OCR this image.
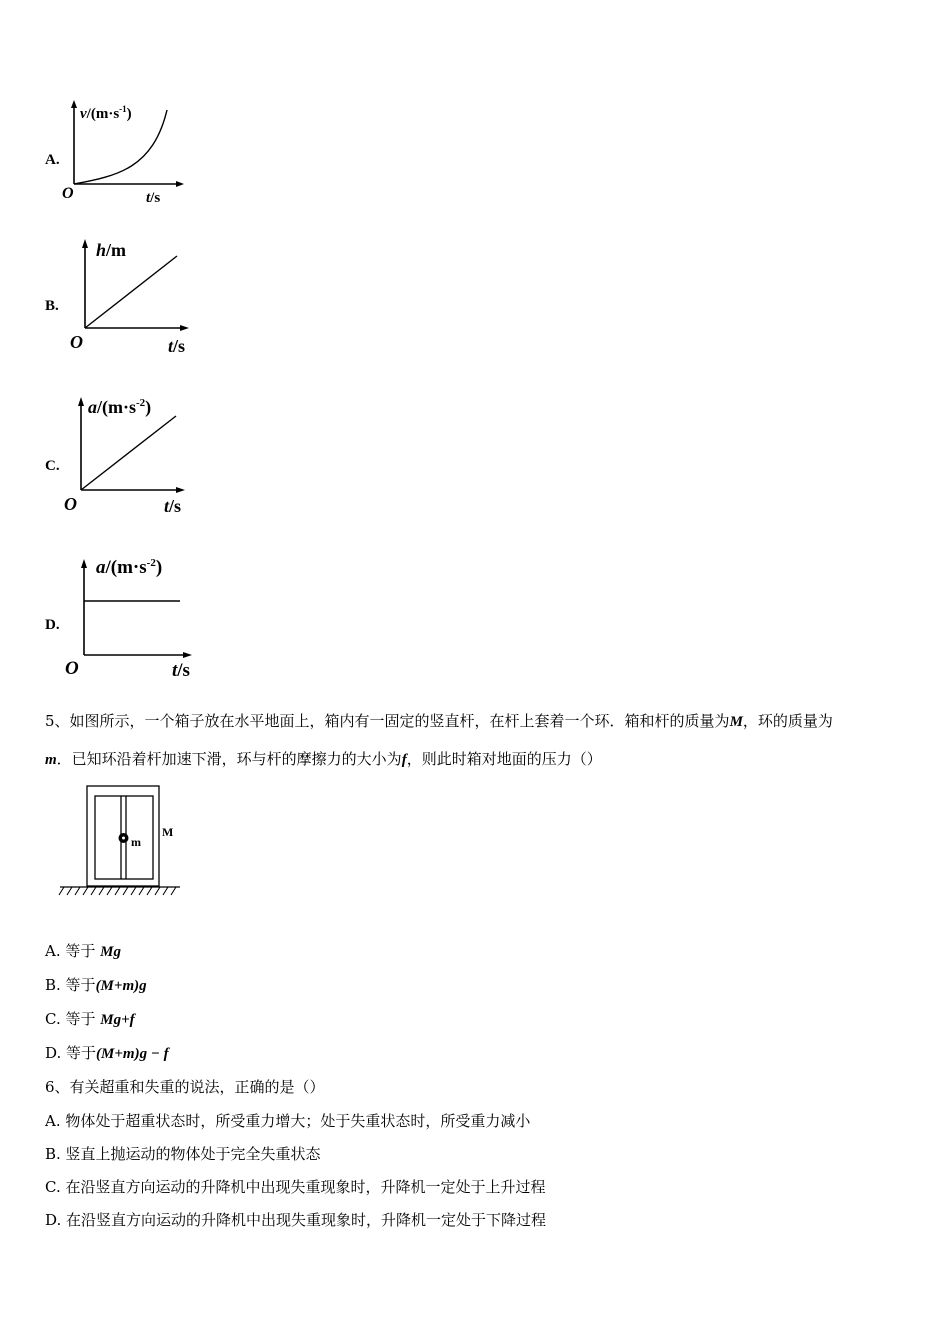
A.
$v/(m\cdot s^{-1})$
O	t/s
B.
h/m
O	t/s
C.
$a/(m\cdot s^{-2})$
O	t/s
D.
$a/(m\cdot s^{-2})$
O	t/s
5、如图所示，一个箱子放在水平地面上，箱内有一固定的竖直杆，在杆上套着一个环．箱和杆的质量为M，环的质量为
m．已知环沿着杆加速下滑，环与杆的摩擦力的大小为f，则此时箱对地面的压力（）
m
M
A. 等于 Mg
B. 等于(M+m)g
C. 等于 Mg+f
D. 等于(M+m)g − f
6、有关超重和失重的说法，正确的是（）
A. 物体处于超重状态时，所受重力增大；处于失重状态时，所受重力减小
B. 竖直上抛运动的物体处于完全失重状态
C. 在沿竖直方向运动的升降机中出现失重现象时，升降机一定处于上升过程
D. 在沿竖直方向运动的升降机中出现失重现象时，升降机一定处于下降过程
